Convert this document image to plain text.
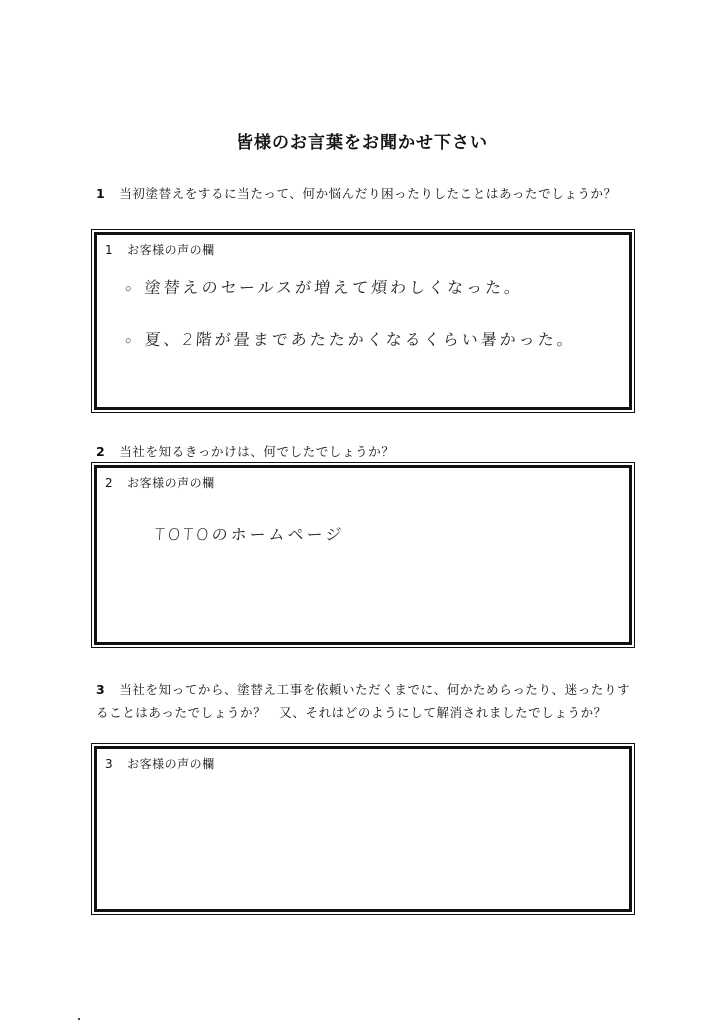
皆様のお言葉をお聞かせ下さい
1 当初塗替えをするに当たって、何か悩んだり困ったりしたことはあったでしょうか？
1 お客様の声の欄
○ 塗替えのセールスが増えて煩わしくなった。
○ 夏、2階が畳まであたたかくなるくらい暑かった。
2 当社を知るきっかけは、何でしたでしょうか？
2 お客様の声の欄
TOTOのホームページ
3 当社を知ってから、塗替え工事を依頼いただくまでに、何かためらったり、迷ったりすることはあったでしょうか？　又、それはどのようにして解消されましたでしょうか？
3 お客様の声の欄
